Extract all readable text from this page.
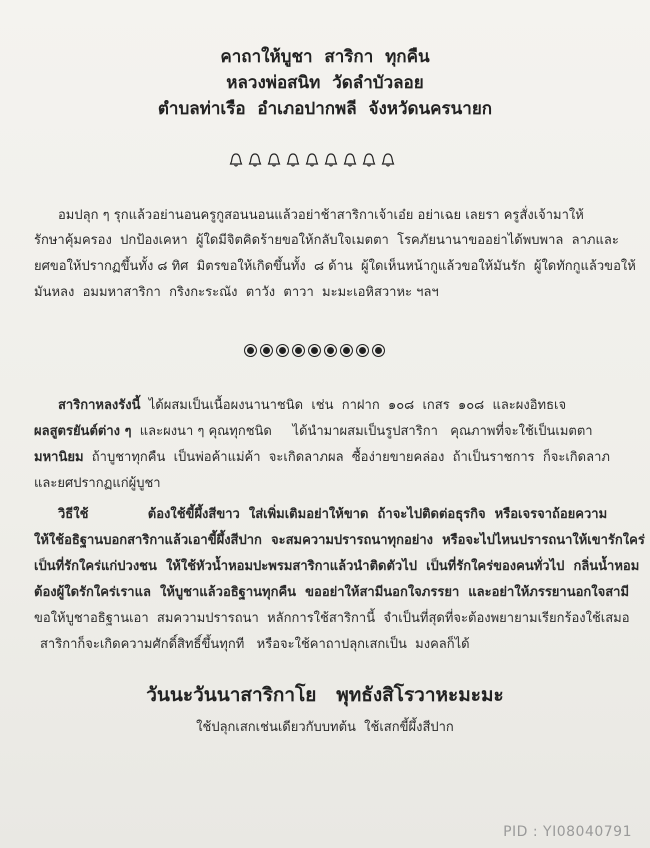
คาถาให้บูชา  สาริกา  ทุกคืน
หลวงพ่อสนิท  วัดลำบัวลอย
ตำบลท่าเรือ  อำเภอปากพลี  จังหวัดนครนายก
อมปลุก ๆ รุกแล้วอย่านอนครูกูสอนนอนแล้วอย่าช้าสาริกาเจ้าเอ๋ย อย่าเฉย เลยรา ครูสั่งเจ้ามาให้
รักษาคุ้มครอง  ปกป้องเคหา  ผู้ใดมีจิตคิดร้ายขอให้กลับใจเมตตา  โรคภัยนานาขออย่าได้พบพาล  ลาภและ
ยศขอให้ปรากฏขึ้นทั้ง ๘ ทิศ  มิตรขอให้เกิดขึ้นทั้ง  ๘ ด้าน  ผู้ใดเห็นหน้ากูแล้วขอให้มันรัก  ผู้ใดทักกูแล้วขอให้
มันหลง  อมมหาสาริกา  กริงกะระณัง  ตาวัง  ตาวา  มะมะเอหิสวาหะ ฯลฯ
สาริกาหลงรังนี้  ได้ผสมเป็นเนื้อผงนานาชนิด  เช่น  กาฝาก  ๑๐๘  เกสร  ๑๐๘  และผงอิทธเจ
ผลสูตรยันต์ต่าง ๆ  และผงนา ๆ คุณทุกชนิด     ได้นำมาผสมเป็นรูปสาริกา   คุณภาพที่จะใช้เป็นเมตตา
มหานิยม  ถ้าบูชาทุกคืน  เป็นพ่อค้าแม่ค้า  จะเกิดลาภผล  ซื้อง่ายขายคล่อง  ถ้าเป็นราชการ  ก็จะเกิดลาภ
และยศปรากฏแก่ผู้บูชา
วิธีใช้ ต้องใช้ขี้ผึ้งสีขาว  ใส่เพิ่มเติมอย่าให้ขาด  ถ้าจะไปติดต่อธุรกิจ  หรือเจรจาถ้อยความ
ให้ใช้อธิฐานบอกสาริกาแล้วเอาขี้ผึ้งสีปาก  จะสมความปรารถนาทุกอย่าง  หรือจะไปไหนปรารถนาให้เขารักใคร่
เป็นที่รักใคร่แก่ปวงชน  ให้ใช้หัวน้ำหอมปะพรมสาริกาแล้วนำติดตัวไป  เป็นที่รักใคร่ของคนทั่วไป  กลิ่นน้ำหอม
ต้องผู้ใดรักใคร่เราแล  ให้บูชาแล้วอธิฐานทุกคืน  ขออย่าให้สามีนอกใจภรรยา  และอย่าให้ภรรยานอกใจสามี
ขอให้บูชาอธิฐานเอา  สมความปรารถนา  หลักการใช้สาริกานี้  จำเป็นที่สุดที่จะต้องพยายามเรียกร้องใช้เสมอ
สาริกาก็จะเกิดความศักดิ์สิทธิ์ขึ้นทุกที   หรือจะใช้คาถาปลุกเสกเป็น  มงคลก็ได้
วันนะวันนาสาริกาโย   พุทธังสิโรวาหะมะมะ
ใช้ปลุกเสกเช่นเดียวกับบทต้น  ใช้เสกขี้ผึ้งสีปาก
PID : YI08040791
